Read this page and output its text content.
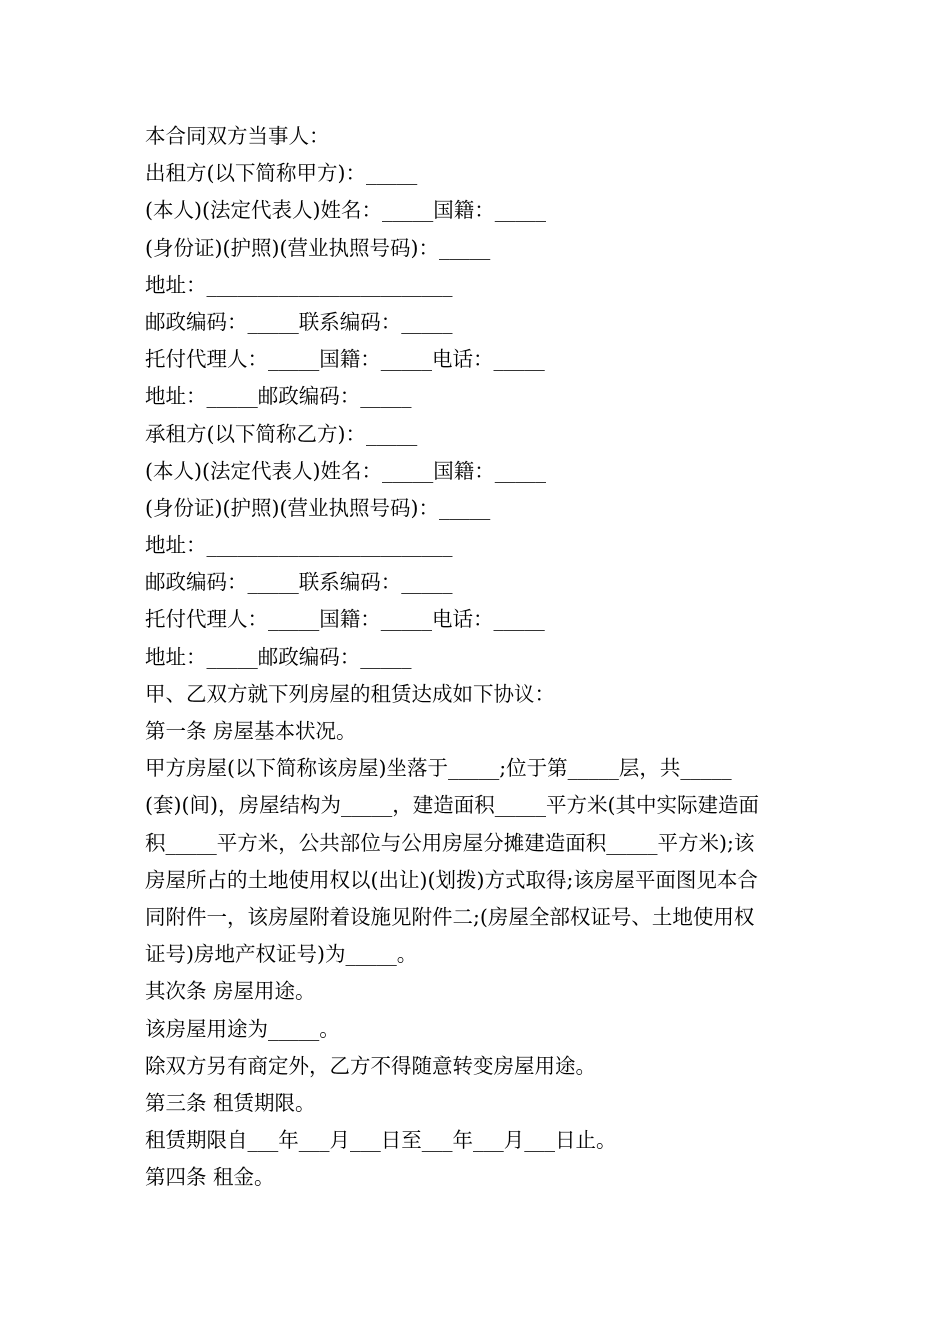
本合同双方当事人：

出租方(以下简称甲方)：_____

(本人)(法定代表人)姓名：_____国籍：_____

(身份证)(护照)(营业执照号码)：_____

地址：________________________

邮政编码：_____联系编码：_____

托付代理人：_____国籍：_____电话：_____

地址：_____邮政编码：_____

承租方(以下简称乙方)：_____

(本人)(法定代表人)姓名：_____国籍：_____

(身份证)(护照)(营业执照号码)：_____

地址：________________________

邮政编码：_____联系编码：_____

托付代理人：_____国籍：_____电话：_____

地址：_____邮政编码：_____

甲、乙双方就下列房屋的租赁达成如下协议：

第一条 房屋基本状况。

甲方房屋(以下简称该房屋)坐落于_____;位于第_____层，共_____

(套)(间)，房屋结构为_____，建造面积_____平方米(其中实际建造面

积_____平方米，公共部位与公用房屋分摊建造面积_____平方米);该

房屋所占的土地使用权以(出让)(划拨)方式取得;该房屋平面图见本合

同附件一，该房屋附着设施见附件二;(房屋全部权证号、土地使用权

证号)房地产权证号)为_____。

其次条 房屋用途。

该房屋用途为_____。

除双方另有商定外，乙方不得随意转变房屋用途。

第三条 租赁期限。

租赁期限自___年___月___日至___年___月___日止。

第四条 租金。
